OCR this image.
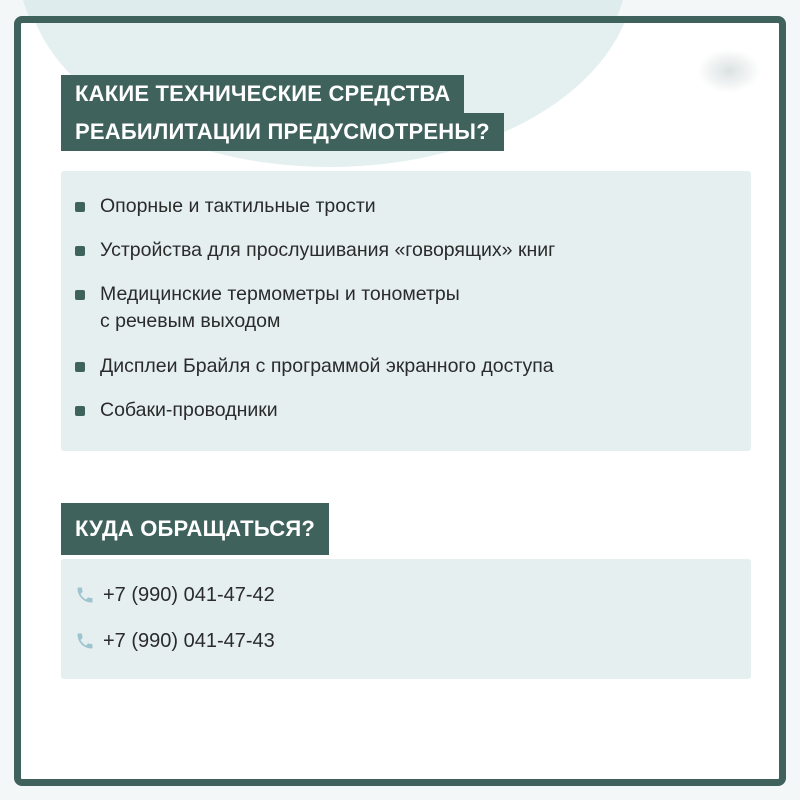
КАКИЕ ТЕХНИЧЕСКИЕ СРЕДСТВА
РЕАБИЛИТАЦИИ ПРЕДУСМОТРЕНЫ?
Опорные и тактильные трости
Устройства для прослушивания «говорящих» книг
Медицинские термометры и тонометры
с речевым выходом
Дисплеи Брайля с программой экранного доступа
Собаки-проводники
КУДА ОБРАЩАТЬСЯ?
+7 (990) 041-47-42
+7 (990) 041-47-43
